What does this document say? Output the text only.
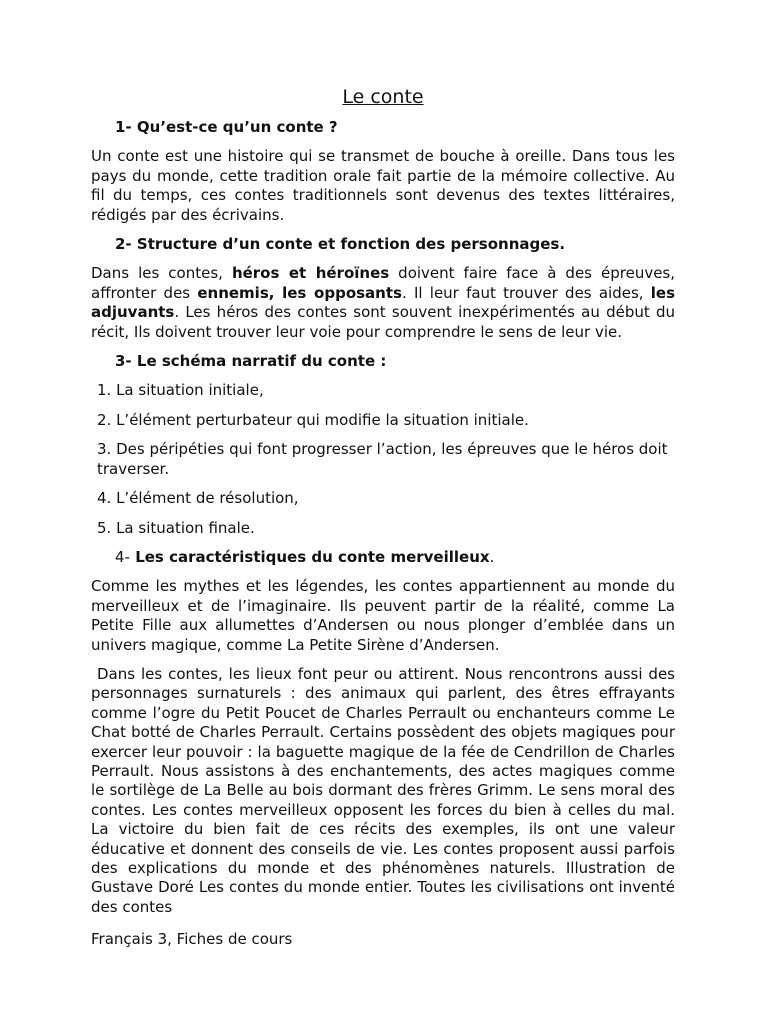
Le conte

1- Qu’est-ce qu’un conte ?

Un conte est une histoire qui se transmet de bouche à oreille. Dans tous les pays du monde, cette tradition orale fait partie de la mémoire collective. Au fil du temps, ces contes traditionnels sont devenus des textes littéraires, rédigés par des écrivains.

2- Structure d’un conte et fonction des personnages.

Dans les contes, héros et héroïnes doivent faire face à des épreuves, affronter des ennemis, les opposants. Il leur faut trouver des aides, les adjuvants. Les héros des contes sont souvent inexpérimentés au début du récit, Ils doivent trouver leur voie pour comprendre le sens de leur vie.

3- Le schéma narratif du conte :

1. La situation initiale,

2. L’élément perturbateur qui modifie la situation initiale.

3. Des péripéties qui font progresser l’action, les épreuves que le héros doit traverser.

4. L’élément de résolution,

5. La situation finale.

4- Les caractéristiques du conte merveilleux.

Comme les mythes et les légendes, les contes appartiennent au monde du merveilleux et de l’imaginaire. Ils peuvent partir de la réalité, comme La Petite Fille aux allumettes d’Andersen ou nous plonger d’emblée dans un univers magique, comme La Petite Sirène d’Andersen.

Dans les contes, les lieux font peur ou attirent. Nous rencontrons aussi des personnages surnaturels : des animaux qui parlent, des êtres effrayants comme l’ogre du Petit Poucet de Charles Perrault ou enchanteurs comme Le Chat botté de Charles Perrault. Certains possèdent des objets magiques pour exercer leur pouvoir : la baguette magique de la fée de Cendrillon de Charles Perrault. Nous assistons à des enchantements, des actes magiques comme le sortilège de La Belle au bois dormant des frères Grimm. Le sens moral des contes. Les contes merveilleux opposent les forces du bien à celles du mal. La victoire du bien fait de ces récits des exemples, ils ont une valeur éducative et donnent des conseils de vie. Les contes proposent aussi parfois des explications du monde et des phénomènes naturels. Illustration de Gustave Doré Les contes du monde entier. Toutes les civilisations ont inventé des contes

Français 3, Fiches de cours
